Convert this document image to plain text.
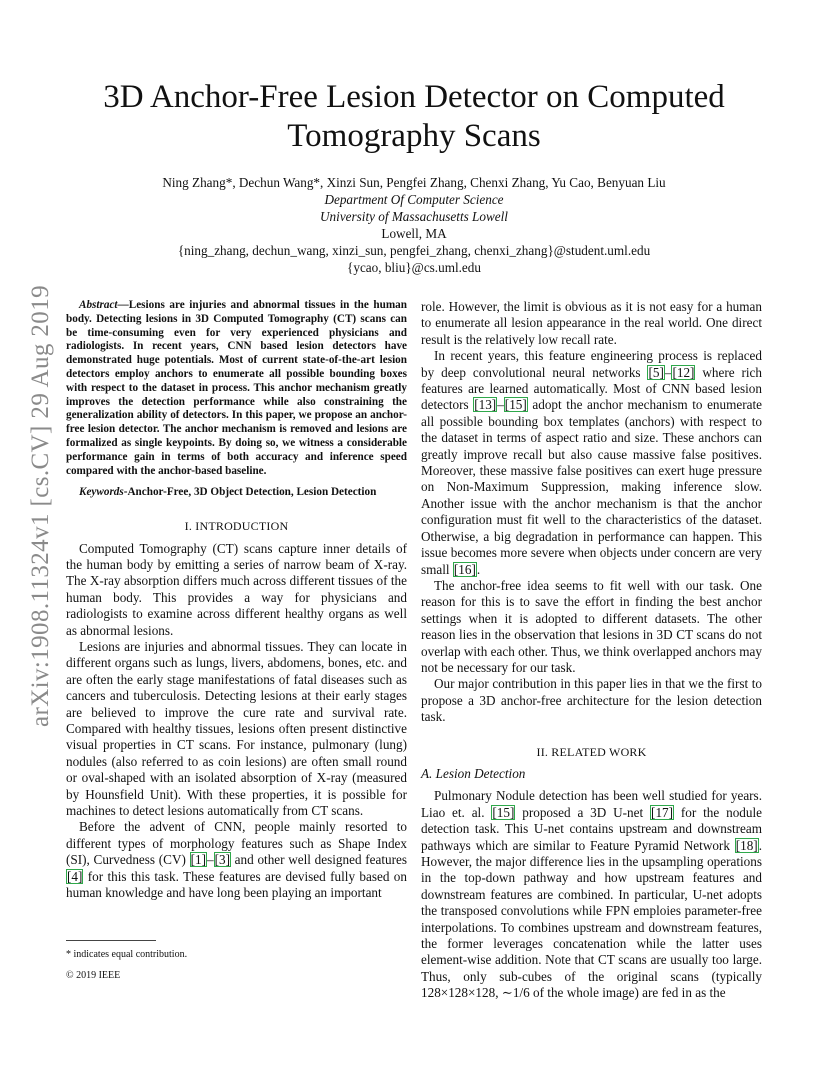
arXiv:1908.11324v1 [cs.CV] 29 Aug 2019
3D Anchor-Free Lesion Detector on Computed
Tomography Scans
Ning Zhang*, Dechun Wang*, Xinzi Sun, Pengfei Zhang, Chenxi Zhang, Yu Cao, Benyuan Liu
Department Of Computer Science
University of Massachusetts Lowell
Lowell, MA
{ning_zhang, dechun_wang, xinzi_sun, pengfei_zhang, chenxi_zhang}@student.uml.edu
{ycao, bliu}@cs.uml.edu

Abstract—Lesions are injuries and abnormal tissues in the human body. Detecting lesions in 3D Computed Tomography (CT) scans can be time-consuming even for very experienced physicians and radiologists. In recent years, CNN based lesion detectors have demonstrated huge potentials. Most of current state-of-the-art lesion detectors employ anchors to enumerate all possible bounding boxes with respect to the dataset in process. This anchor mechanism greatly improves the detection performance while also constraining the generalization ability of detectors. In this paper, we propose an anchor-free lesion detector. The anchor mechanism is removed and lesions are formalized as single keypoints. By doing so, we witness a considerable performance gain in terms of both accuracy and inference speed compared with the anchor-based baseline.

Keywords-Anchor-Free, 3D Object Detection, Lesion Detection

I. INTRODUCTION

Computed Tomography (CT) scans capture inner details of the human body by emitting a series of narrow beam of X-ray. The X-ray absorption differs much across different tissues of the human body. This provides a way for physicians and radiologists to examine across different healthy organs as well as abnormal lesions.

Lesions are injuries and abnormal tissues. They can locate in different organs such as lungs, livers, abdomens, bones, etc. and are often the early stage manifestations of fatal diseases such as cancers and tuberculosis. Detecting lesions at their early stages are believed to improve the cure rate and survival rate. Compared with healthy tissues, lesions often present distinctive visual properties in CT scans. For instance, pulmonary (lung) nodules (also referred to as coin lesions) are often small round or oval-shaped with an isolated absorption of X-ray (measured by Hounsfield Unit). With these properties, it is possible for machines to detect lesions automatically from CT scans.

Before the advent of CNN, people mainly resorted to different types of morphology features such as Shape Index (SI), Curvedness (CV) [1]–[3] and other well designed features [4] for this this task. These features are devised fully based on human knowledge and have long been playing an important

role. However, the limit is obvious as it is not easy for a human to enumerate all lesion appearance in the real world. One direct result is the relatively low recall rate.

In recent years, this feature engineering process is replaced by deep convolutional neural networks [5]–[12] where rich features are learned automatically. Most of CNN based lesion detectors [13]–[15] adopt the anchor mechanism to enumerate all possible bounding box templates (anchors) with respect to the dataset in terms of aspect ratio and size. These anchors can greatly improve recall but also cause massive false positives. Moreover, these massive false positives can exert huge pressure on Non-Maximum Suppression, making inference slow. Another issue with the anchor mechanism is that the anchor configuration must fit well to the characteristics of the dataset. Otherwise, a big degradation in performance can happen. This issue becomes more severe when objects under concern are very small [16].

The anchor-free idea seems to fit well with our task. One reason for this is to save the effort in finding the best anchor settings when it is adopted to different datasets. The other reason lies in the observation that lesions in 3D CT scans do not overlap with each other. Thus, we think overlapped anchors may not be necessary for our task.

Our major contribution in this paper lies in that we the first to propose a 3D anchor-free architecture for the lesion detection task.

II. RELATED WORK
A. Lesion Detection

Pulmonary Nodule detection has been well studied for years. Liao et. al. [15] proposed a 3D U-net [17] for the nodule detection task. This U-net contains upstream and downstream pathways which are similar to Feature Pyramid Network [18]. However, the major difference lies in the upsampling operations in the top-down pathway and how upstream features and downstream features are combined. In particular, U-net adopts the transposed convolutions while FPN emploies parameter-free interpolations. To combines upstream and downstream features, the former leverages concatenation while the latter uses element-wise addition. Note that CT scans are usually too large. Thus, only sub-cubes of the original scans (typically 128×128×128, ∼1/6 of the whole image) are fed in as the

* indicates equal contribution.
© 2019 IEEE
